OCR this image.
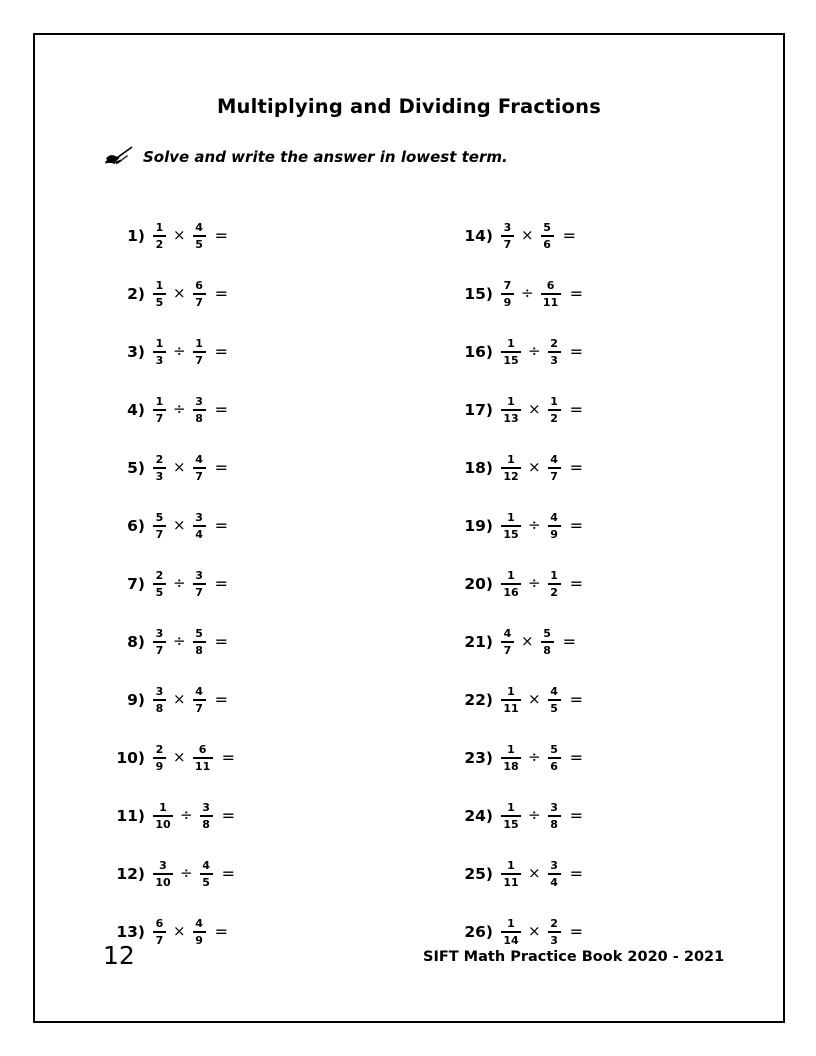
Multiplying and Dividing Fractions
Solve and write the answer in lowest term.
$1) \frac{1}{2} \times \frac{4}{5}$ =
$2) \frac{1}{5} \times \frac{6}{7}$ =
$3) \frac{1}{3} \div \frac{1}{7}$ =
$4) \frac{1}{7} \div \frac{3}{8}$ =
$5) \frac{2}{3} \times \frac{4}{7}$ =
$6) \frac{5}{7} \times \frac{3}{4}$ =
$7) \frac{2}{5} \div \frac{3}{7}$ =
$8) \frac{3}{7} \div \frac{5}{8}$ =
$9) \frac{3}{8} \times \frac{4}{7}$ =
$10) \frac{2}{9} \times \frac{6}{11}$ =
$11) \frac{1}{10} \div \frac{3}{8}$ =
$12) \frac{3}{10} \div \frac{4}{5}$ =
$13) \frac{6}{7} \times \frac{4}{9}$ =
$14) \frac{3}{7} \times \frac{5}{6}$ =
$15) \frac{7}{9} \div \frac{6}{11}$ =
$16) \frac{1}{15} \div \frac{2}{3}$ =
$17) \frac{1}{13} \times \frac{1}{2}$ =
$18) \frac{1}{12} \times \frac{4}{7}$ =
$19) \frac{1}{15} \div \frac{4}{9}$ =
$20) \frac{1}{16} \div \frac{1}{2}$ =
$21) \frac{4}{7} \times \frac{5}{8}$ =
$22) \frac{1}{11} \times \frac{4}{5}$ =
$23) \frac{1}{18} \div \frac{5}{6}$ =
$24) \frac{1}{15} \div \frac{3}{8}$ =
$25) \frac{1}{11} \times \frac{3}{4}$ =
$26) \frac{1}{14} \times \frac{2}{3}$ =
12	SIFT Math Practice Book 2020 - 2021
